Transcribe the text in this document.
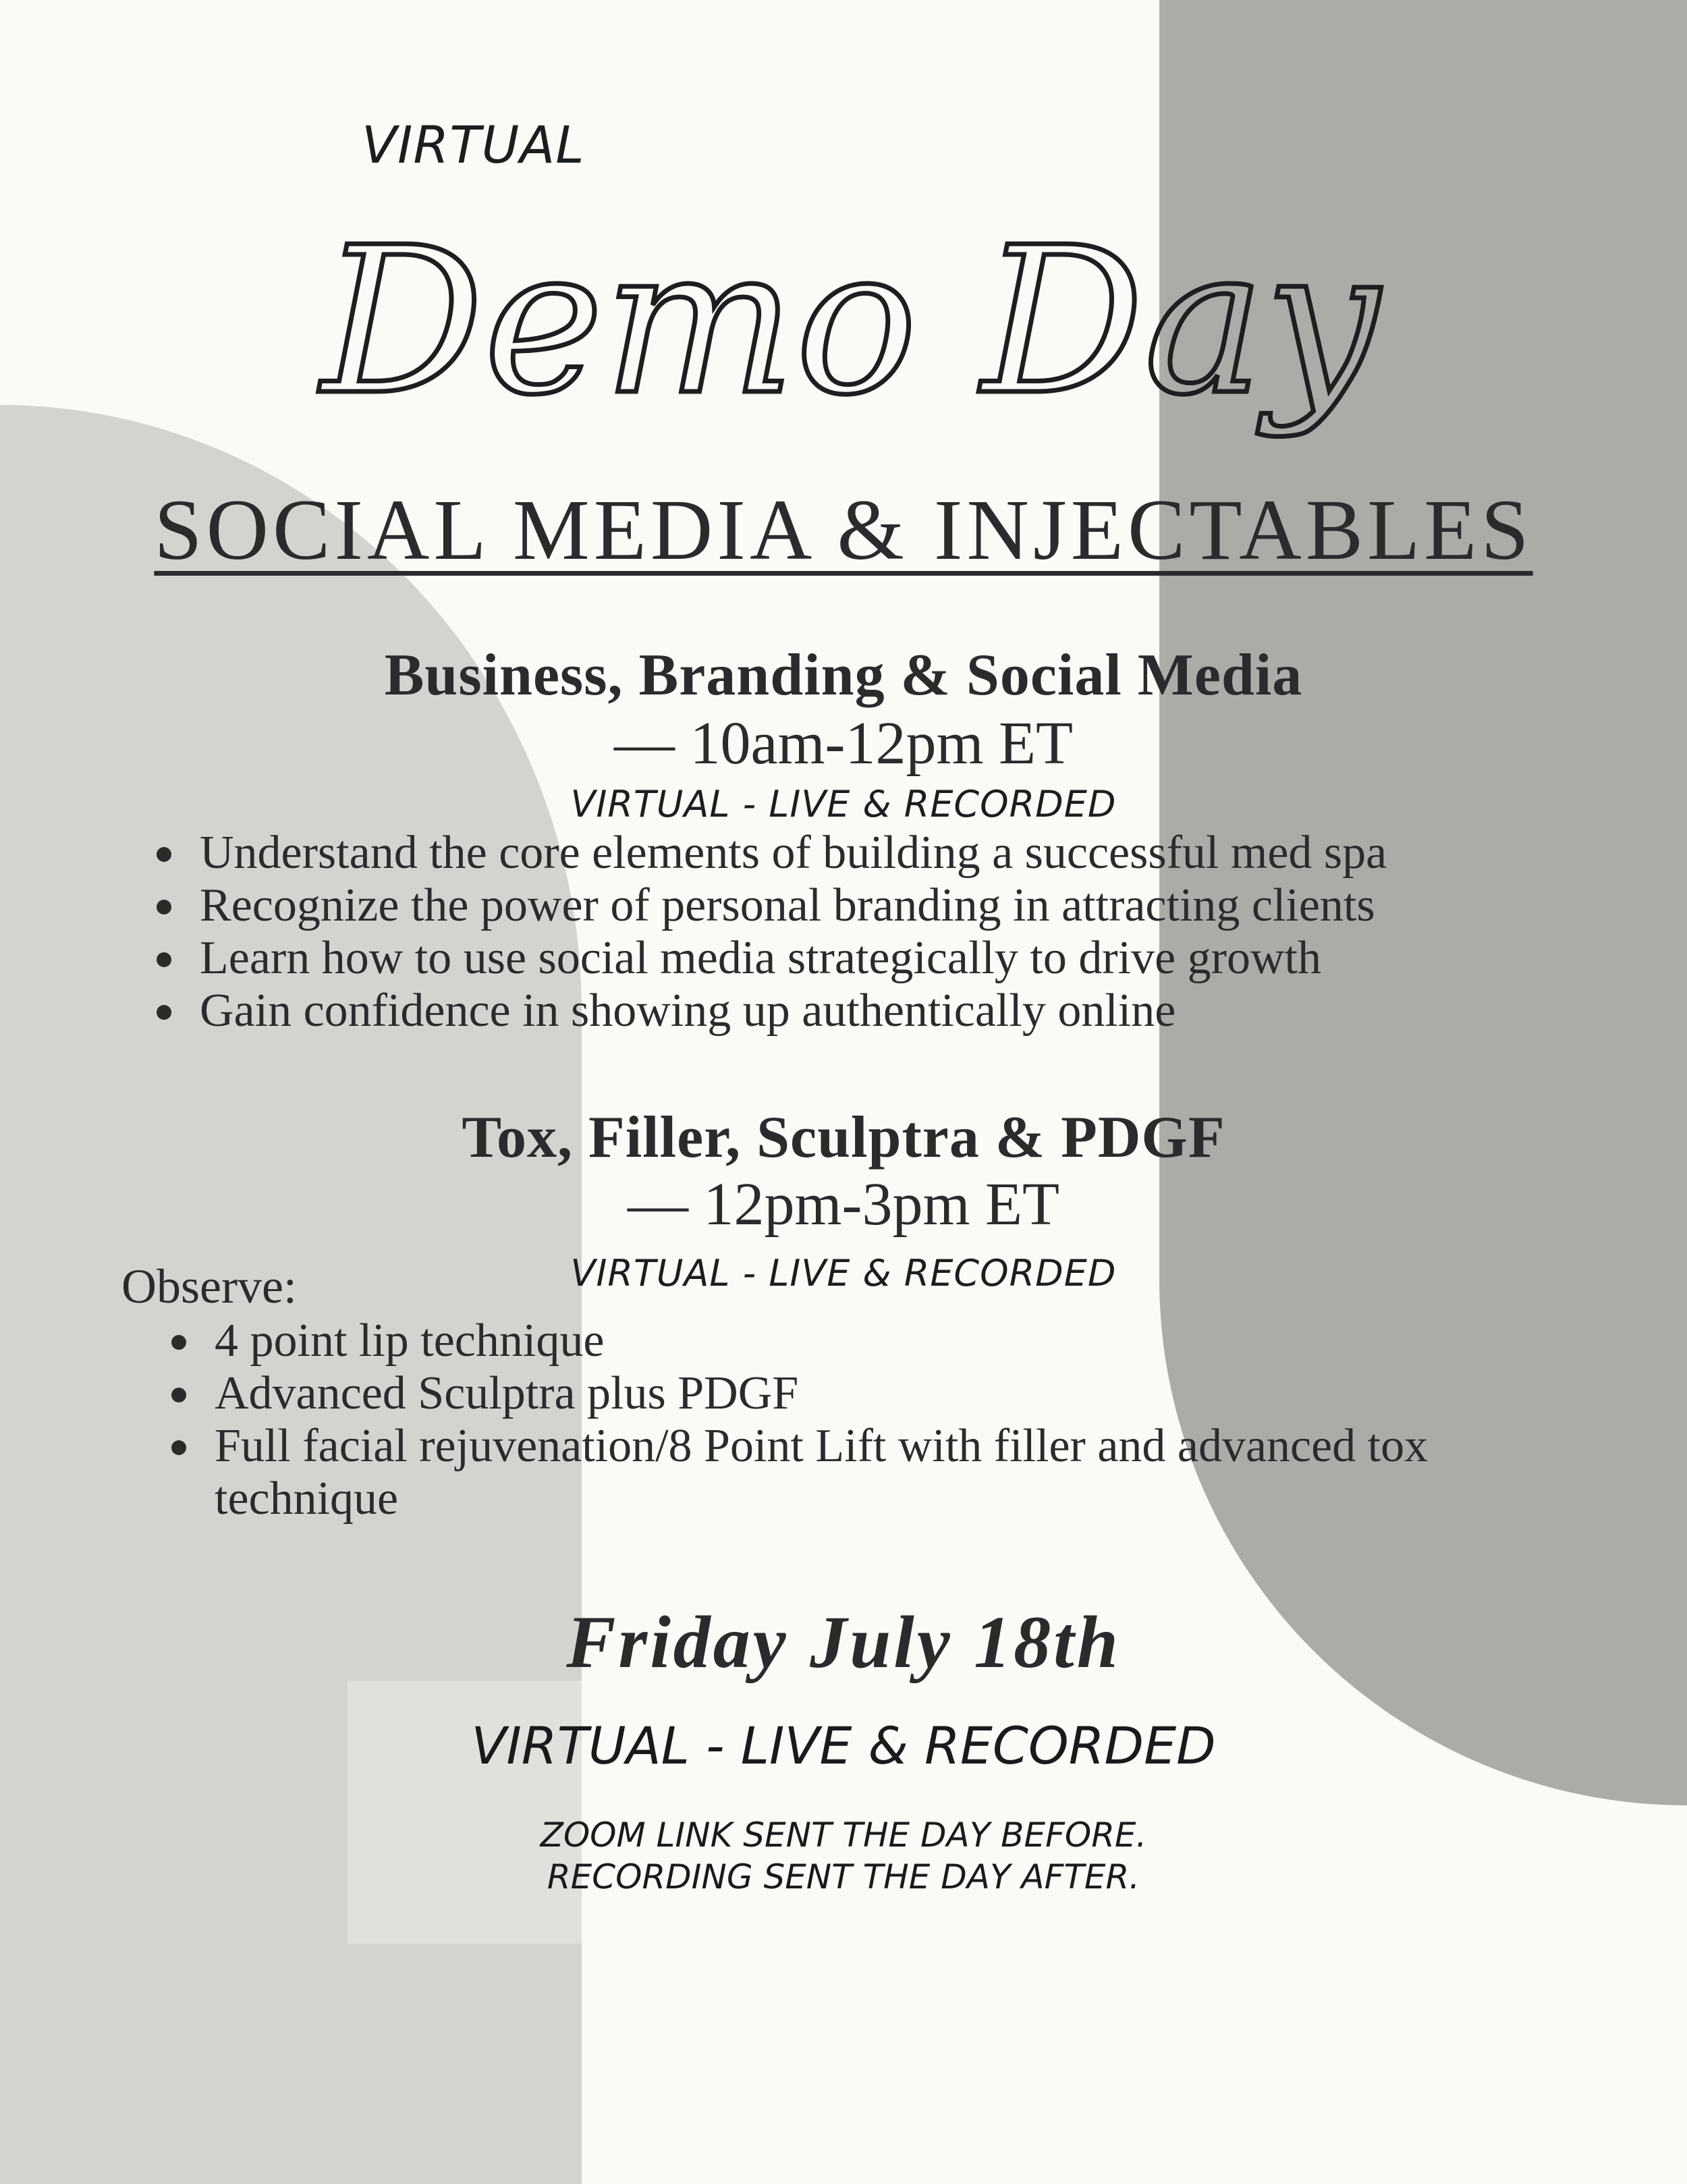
VIRTUAL
Demo Day
SOCIAL MEDIA & INJECTABLES
Business, Branding & Social Media
— 10am-12pm ET
VIRTUAL - LIVE & RECORDED
Understand the core elements of building a successful med spa
Recognize the power of personal branding in attracting clients
Learn how to use social media strategically to drive growth
Gain confidence in showing up authentically online
Tox, Filler, Sculptra & PDGF
— 12pm-3pm ET
VIRTUAL - LIVE & RECORDED
Observe:
4 point lip technique
Advanced Sculptra plus PDGF
Full facial rejuvenation/8 Point Lift with filler and advanced tox technique
Friday July 18th
VIRTUAL - LIVE & RECORDED
ZOOM LINK SENT THE DAY BEFORE.
RECORDING SENT THE DAY AFTER.
